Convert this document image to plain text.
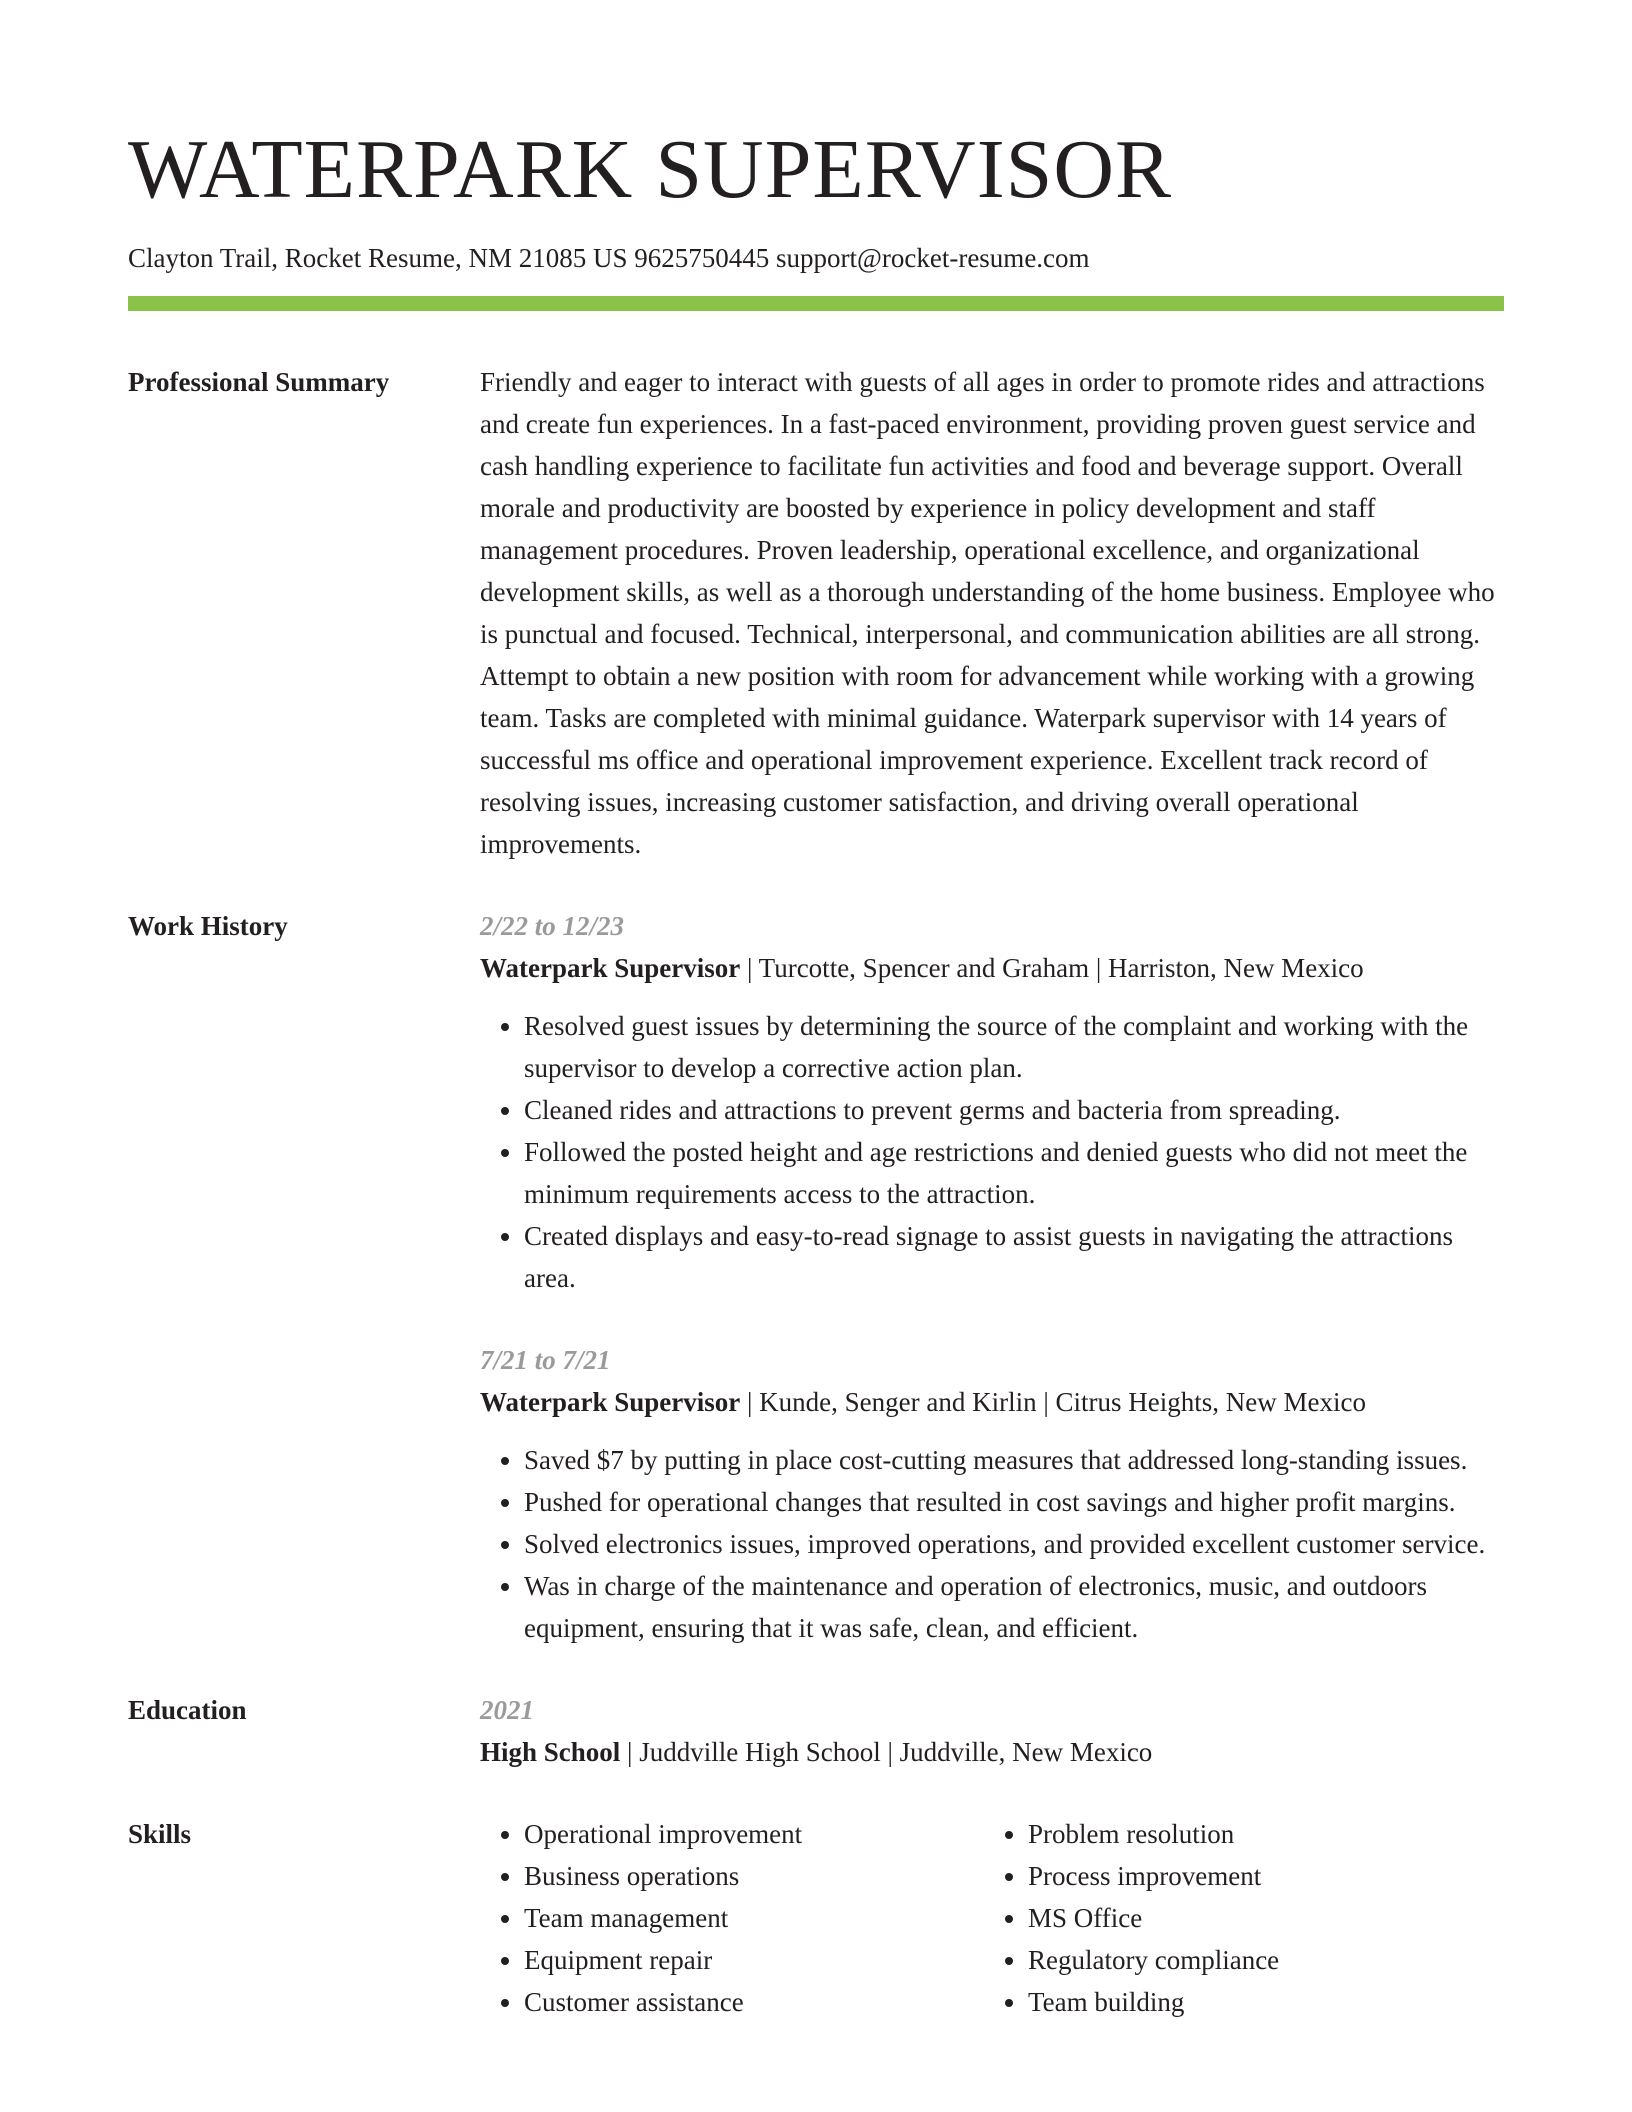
WATERPARK SUPERVISOR
Clayton Trail, Rocket Resume, NM 21085 US 9625750445 support@rocket-resume.com
Professional Summary	Friendly and eager to interact with guests of all ages in order to promote rides and attractions and create fun experiences. In a fast-paced environment, providing proven guest service and cash handling experience to facilitate fun activities and food and beverage support. Overall morale and productivity are boosted by experience in policy development and staff management procedures. Proven leadership, operational excellence, and organizational development skills, as well as a thorough understanding of the home business. Employee who is punctual and focused. Technical, interpersonal, and communication abilities are all strong. Attempt to obtain a new position with room for advancement while working with a growing team. Tasks are completed with minimal guidance. Waterpark supervisor with 14 years of successful ms office and operational improvement experience. Excellent track record of resolving issues, increasing customer satisfaction, and driving overall operational improvements.

Work History	2/22 to 12/23
Waterpark Supervisor | Turcotte, Spencer and Graham | Harriston, New Mexico
• Resolved guest issues by determining the source of the complaint and working with the supervisor to develop a corrective action plan.
• Cleaned rides and attractions to prevent germs and bacteria from spreading.
• Followed the posted height and age restrictions and denied guests who did not meet the minimum requirements access to the attraction.
• Created displays and easy-to-read signage to assist guests in navigating the attractions area.
7/21 to 7/21
Waterpark Supervisor | Kunde, Senger and Kirlin | Citrus Heights, New Mexico
• Saved $7 by putting in place cost-cutting measures that addressed long-standing issues.
• Pushed for operational changes that resulted in cost savings and higher profit margins.
• Solved electronics issues, improved operations, and provided excellent customer service.
• Was in charge of the maintenance and operation of electronics, music, and outdoors equipment, ensuring that it was safe, clean, and efficient.
Education	2021
High School | Juddville High School | Juddville, New Mexico
Skills
•	Operational improvement
• Business operations
• Team management
• Equipment repair
• Customer assistance
• Problem resolution
• Process improvement
• MS Office
• Regulatory compliance
• Team building
